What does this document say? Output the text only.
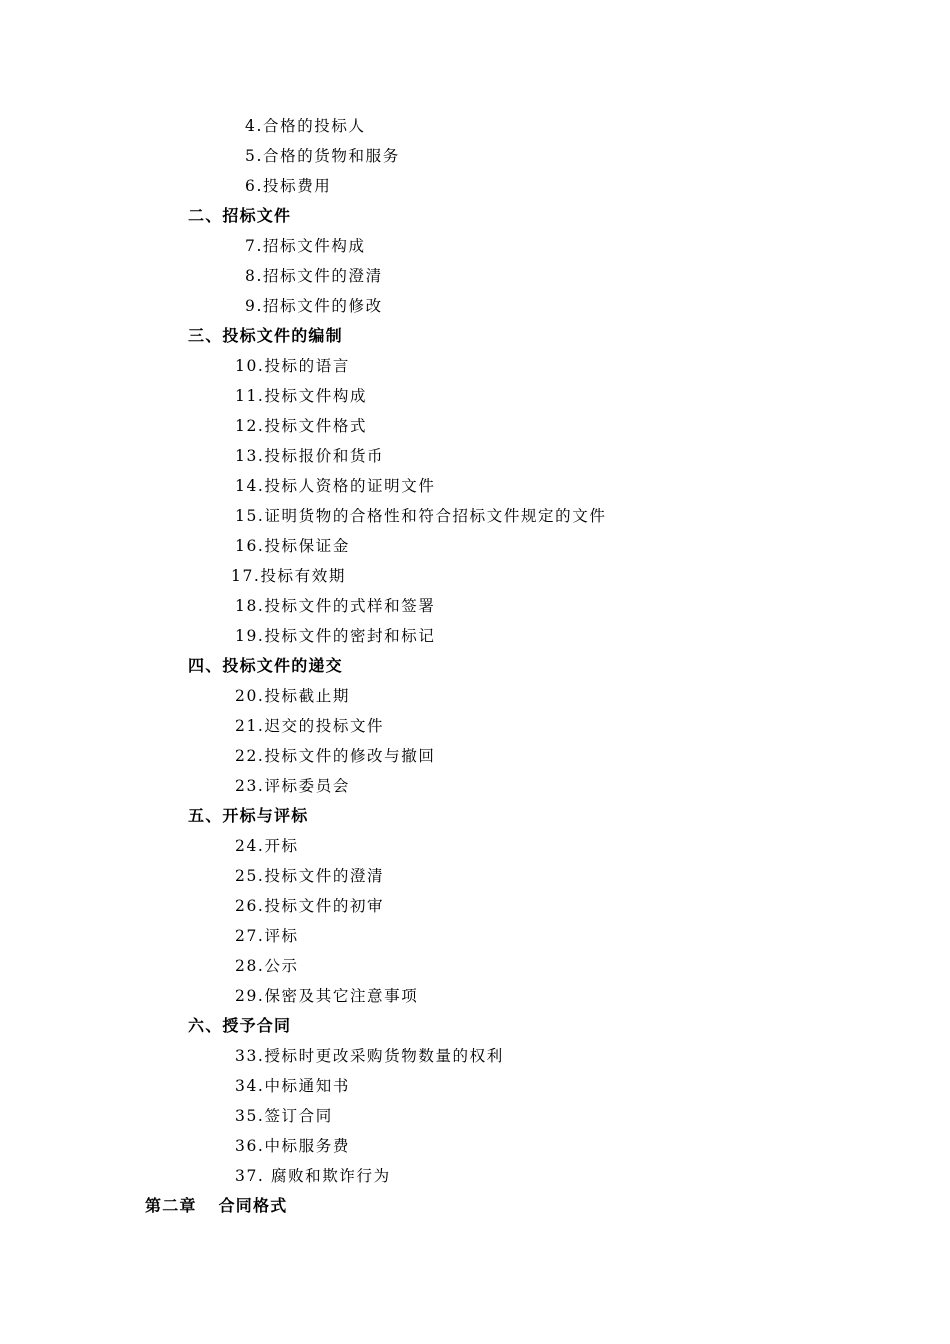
4.合格的投标人
5.合格的货物和服务
6.投标费用
二、招标文件
7.招标文件构成
8.招标文件的澄清
9.招标文件的修改
三、投标文件的编制
10.投标的语言
11.投标文件构成
12.投标文件格式
13.投标报价和货币
14.投标人资格的证明文件
15.证明货物的合格性和符合招标文件规定的文件
16.投标保证金
17.投标有效期
18.投标文件的式样和签署
19.投标文件的密封和标记
四、投标文件的递交
20.投标截止期
21.迟交的投标文件
22.投标文件的修改与撤回
23.评标委员会
五、开标与评标
24.开标
25.投标文件的澄清
26.投标文件的初审
27.评标
28.公示
29.保密及其它注意事项
六、授予合同
33.授标时更改采购货物数量的权利
34.中标通知书
35.签订合同
36.中标服务费
37. 腐败和欺诈行为
第二章 合同格式
